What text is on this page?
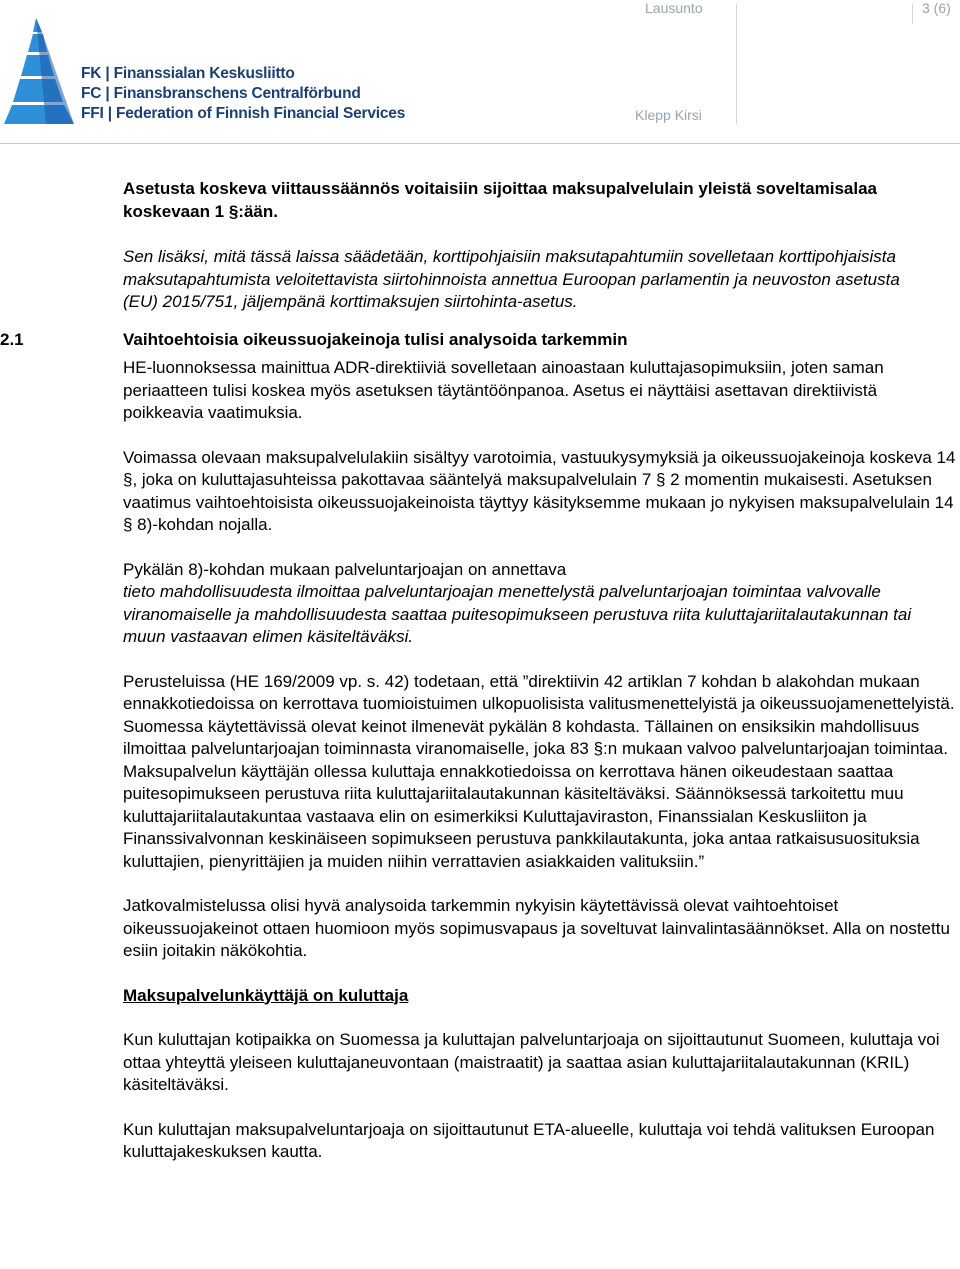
FK | Finanssialan Keskusliitto
FC | Finansbranschens Centralförbund
FFI | Federation of Finnish Financial Services
Lausunto	3 (6)
Klepp Kirsi

Asetusta koskeva viittaussäännös voitaisiin sijoittaa maksupalvelulain yleistä soveltamisalaa koskevaan 1 §:ään.

Sen lisäksi, mitä tässä laissa säädetään, korttipohjaisiin maksutapahtumiin sovelletaan korttipohjaisista maksutapahtumista veloitettavista siirtohinnoista annettua Euroopan parlamentin ja neuvoston asetusta (EU) 2015/751, jäljempänä korttimaksujen siirtohinta-asetus.

2.1	Vaihtoehtoisia oikeussuojakeinoja tulisi analysoida tarkemmin

HE-luonnoksessa mainittua ADR-direktiiviä sovelletaan ainoastaan kuluttajasopimuksiin, joten saman periaatteen tulisi koskea myös asetuksen täytäntöönpanoa. Asetus ei näyttäisi asettavan direktiivistä poikkeavia vaatimuksia.

Voimassa olevaan maksupalvelulakiin sisältyy varotoimia, vastuukysymyksiä ja oikeussuojakeinoja koskeva 14 §, joka on kuluttajasuhteissa pakottavaa sääntelyä maksupalvelulain 7 § 2 momentin mukaisesti. Asetuksen vaatimus vaihtoehtoisista oikeussuojakeinoista täyttyy käsityksemme mukaan jo nykyisen maksupalvelulain 14 § 8)-kohdan nojalla.

Pykälän 8)-kohdan mukaan palveluntarjoajan on annettava

tieto mahdollisuudesta ilmoittaa palveluntarjoajan menettelystä palveluntarjoajan toimintaa valvovalle viranomaiselle ja mahdollisuudesta saattaa puitesopimukseen perustuva riita kuluttajariitalautakunnan tai muun vastaavan elimen käsiteltäväksi.

Perusteluissa (HE 169/2009 vp. s. 42) todetaan, että ”direktiivin 42 artiklan 7 kohdan b alakohdan mukaan ennakkotiedoissa on kerrottava tuomioistuimen ulkopuolisista valitusmenettelyistä ja oikeussuojamenettelyistä. Suomessa käytettävissä olevat keinot ilmenevät pykälän 8 kohdasta. Tällainen on ensiksikin mahdollisuus ilmoittaa palveluntarjoajan toiminnasta viranomaiselle, joka 83 §:n mukaan valvoo palveluntarjoajan toimintaa. Maksupalvelun käyttäjän ollessa kuluttaja ennakkotiedoissa on kerrottava hänen oikeudestaan saattaa puitesopimukseen perustuva riita kuluttajariitalautakunnan käsiteltäväksi. Säännöksessä tarkoitettu muu kuluttajariitalautakuntaa vastaava elin on esimerkiksi Kuluttajaviraston, Finanssialan Keskusliiton ja Finanssivalvonnan keskinäiseen sopimukseen perustuva pankkilautakunta, joka antaa ratkaisusuosituksia kuluttajien, pienyrittäjien ja muiden niihin verrattavien asiakkaiden valituksiin.”

Jatkovalmistelussa olisi hyvä analysoida tarkemmin nykyisin käytettävissä olevat vaihtoehtoiset oikeussuojakeinot ottaen huomioon myös sopimusvapaus ja soveltuvat lainvalintasäännökset. Alla on nostettu esiin joitakin näkökohtia.

Maksupalvelunkäyttäjä on kuluttaja

Kun kuluttajan kotipaikka on Suomessa ja kuluttajan palveluntarjoaja on sijoittautunut Suomeen, kuluttaja voi ottaa yhteyttä yleiseen kuluttajaneuvontaan (maistraatit) ja saattaa asian kuluttajariitalautakunnan (KRIL) käsiteltäväksi.

Kun kuluttajan maksupalveluntarjoaja on sijoittautunut ETA-alueelle, kuluttaja voi tehdä valituksen Euroopan kuluttajakeskuksen kautta.
